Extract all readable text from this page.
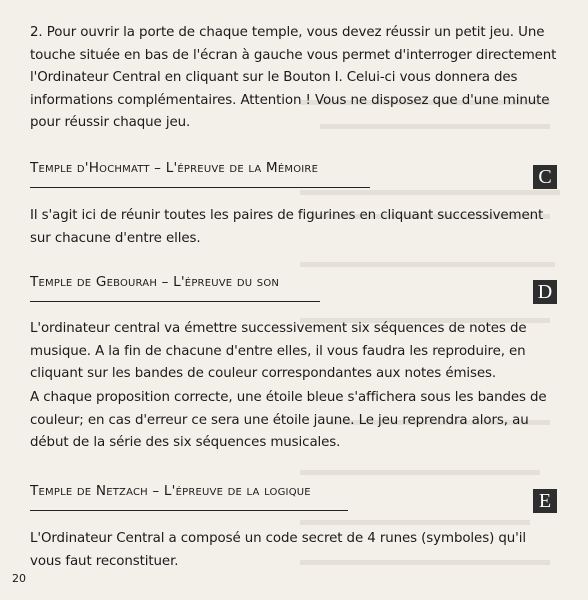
2. Pour ouvrir la porte de chaque temple, vous devez réussir un petit jeu. Une touche située en bas de l'écran à gauche vous permet d'interroger directement l'Ordinateur Central en cliquant sur le Bouton I. Celui-ci vous donnera des informations complémentaires. Attention ! Vous ne disposez que d'une minute pour réussir chaque jeu.
Temple d'Hochmatt – L'épreuve de la Mémoire	C
Il s'agit ici de réunir toutes les paires de figurines en cliquant successivement sur chacune d'entre elles.
Temple de Gebourah – L'épreuve du son	D
L'ordinateur central va émettre successivement six séquences de notes de musique. A la fin de chacune d'entre elles, il vous faudra les reproduire, en cliquant sur les bandes de couleur correspondantes aux notes émises.
A chaque proposition correcte, une étoile bleue s'affichera sous les bandes de couleur; en cas d'erreur ce sera une étoile jaune. Le jeu reprendra alors, au début de la série des six séquences musicales.
Temple de Netzach – L'épreuve de la logique	E
L'Ordinateur Central a composé un code secret de 4 runes (symboles) qu'il vous faut reconstituer.
20
